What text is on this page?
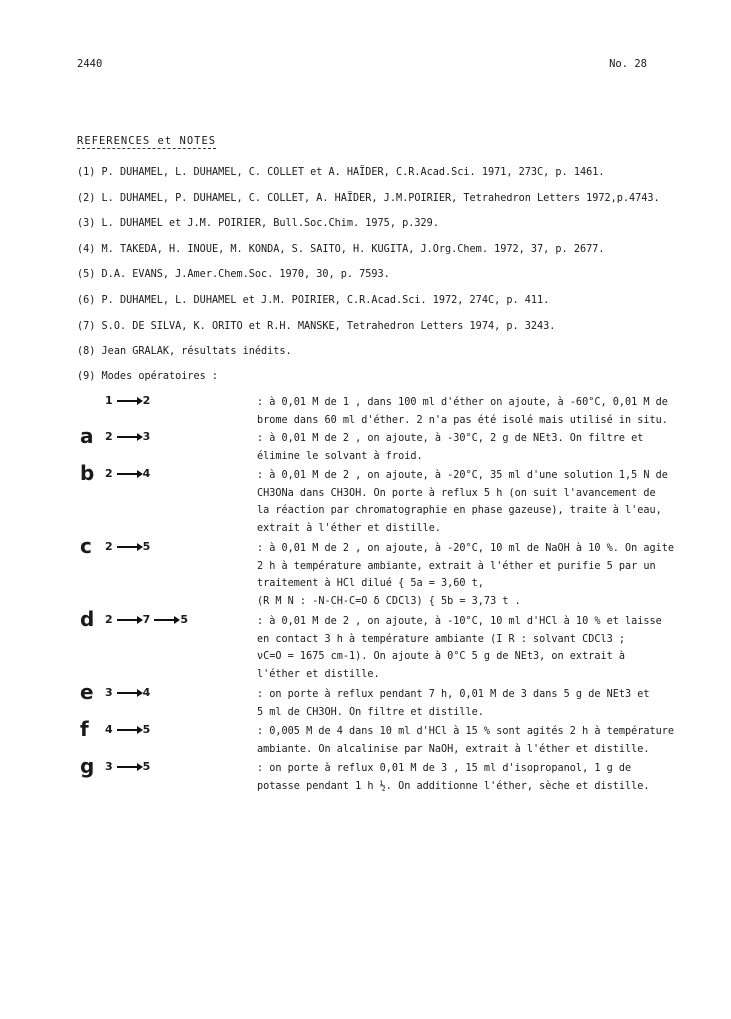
2440	No. 28
REFERENCES et NOTES
(1) P. DUHAMEL, L. DUHAMEL, C. COLLET et A. HAÏDER, C.R.Acad.Sci. 1971, 273C, p. 1461.
(2) L. DUHAMEL, P. DUHAMEL, C. COLLET, A. HAÏDER, J.M.POIRIER, Tetrahedron Letters 1972,p.4743.
(3) L. DUHAMEL et J.M. POIRIER, Bull.Soc.Chim. 1975, p.329.
(4) M. TAKEDA, H. INOUE, M. KONDA, S. SAITO, H. KUGITA, J.Org.Chem. 1972, 37, p. 2677.
(5) D.A. EVANS, J.Amer.Chem.Soc. 1970, 30, p. 7593.
(6) P. DUHAMEL, L. DUHAMEL et J.M. POIRIER, C.R.Acad.Sci. 1972, 274C, p. 411.
(7) S.O. DE SILVA, K. ORITO et R.H. MANSKE, Tetrahedron Letters 1974, p. 3243.
(8) Jean GRALAK, résultats inédits.
(9) Modes opératoires :
1	2	: à 0,01 M de 1 , dans 100 ml d'éther on ajoute, à -60°C, 0,01 M de
brome dans 60 ml d'éther. 2 n'a pas été isolé mais utilisé in situ.
a 2	3	: à 0,01 M de 2 , on ajoute, à -30°C, 2 g de NEt3. On filtre et
élimine le solvant à froid.
b 2	4	: à 0,01 M de 2 , on ajoute, à -20°C, 35 ml d'une solution 1,5 N de
CH3ONa dans CH3OH. On porte à reflux 5 h (on suit l'avancement de
la réaction par chromatographie en phase gazeuse), traite à l'eau,
extrait à l'éther et distille.
c 2	5	: à 0,01 M de 2 , on ajoute, à -20°C, 10 ml de NaOH à 10 %. On agite
2 h à température ambiante, extrait à l'éther et purifie 5 par un
traitement à HCl dilué { 5a = 3,60 t,
(R M N : -N-CH-C=O δ CDCl3) { 5b = 3,73 t .
d 2	7	5	: à 0,01 M de 2 , on ajoute, à -10°C, 10 ml d'HCl à 10 % et laisse
en contact 3 h à température ambiante (I R : solvant CDCl3 ;
νC=O = 1675 cm-1). On ajoute à 0°C 5 g de NEt3, on extrait à
l'éther et distille.
e 3	4	: on porte à reflux pendant 7 h, 0,01 M de 3 dans 5 g de NEt3 et
5 ml de CH3OH. On filtre et distille.
f 4	5	: 0,005 M de 4 dans 10 ml d'HCl à 15 % sont agités 2 h à température
ambiante. On alcalinise par NaOH, extrait à l'éther et distille.
g 3	5	: on porte à reflux 0,01 M de 3 , 15 ml d'isopropanol, 1 g de
potasse pendant 1 h ½. On additionne l'éther, sèche et distille.
